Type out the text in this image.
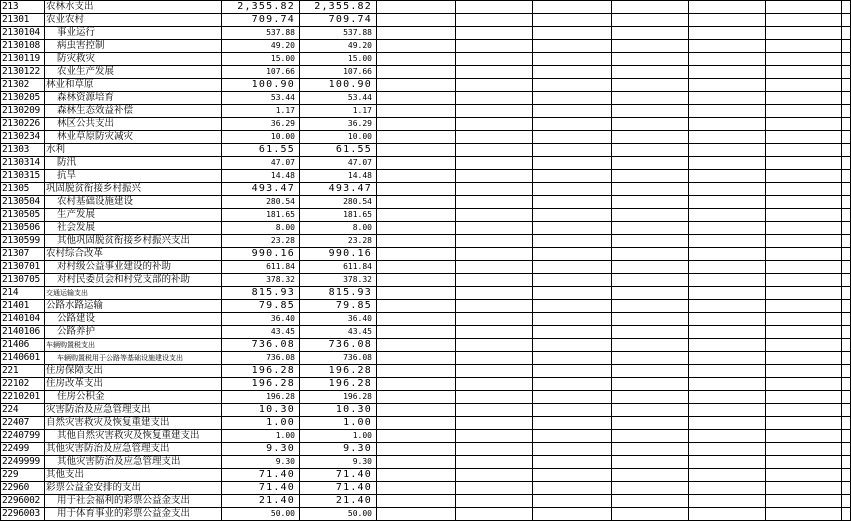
213	农林水支出	2,355.82	2,355.82							
21301	农业农村	709.74	709.74							
2130104	事业运行	537.88	537.88							
2130108	病虫害控制	49.20	49.20							
2130119	防灾救灾	15.00	15.00							
2130122	农业生产发展	107.66	107.66							
21302	林业和草原	100.90	100.90							
2130205	森林资源培育	53.44	53.44							
2130209	森林生态效益补偿	1.17	1.17							
2130226	林区公共支出	36.29	36.29							
2130234	林业草原防灾减灾	10.00	10.00							
21303	水利	61.55	61.55							
2130314	防汛	47.07	47.07							
2130315	抗旱	14.48	14.48							
21305	巩固脱贫衔接乡村振兴	493.47	493.47							
2130504	农村基础设施建设	280.54	280.54							
2130505	生产发展	181.65	181.65							
2130506	社会发展	8.00	8.00							
2130599	其他巩固脱贫衔接乡村振兴支出	23.28	23.28							
21307	农村综合改革	990.16	990.16							
2130701	对村级公益事业建设的补助	611.84	611.84							
2130705	对村民委员会和村党支部的补助	378.32	378.32							
214	交通运输支出	815.93	815.93							
21401	公路水路运输	79.85	79.85							
2140104	公路建设	36.40	36.40							
2140106	公路养护	43.45	43.45							
21406	车辆购置税支出	736.08	736.08							
2140601	车辆购置税用于公路等基础设施建设支出	736.08	736.08							
221	住房保障支出	196.28	196.28							
22102	住房改革支出	196.28	196.28							
2210201	住房公积金	196.28	196.28							
224	灾害防治及应急管理支出	10.30	10.30							
22407	自然灾害救灾及恢复重建支出	1.00	1.00							
2240799	其他自然灾害救灾及恢复重建支出	1.00	1.00							
22499	其他灾害防治及应急管理支出	9.30	9.30							
2249999	其他灾害防治及应急管理支出	9.30	9.30							
229	其他支出	71.40	71.40							
22960	彩票公益金安排的支出	71.40	71.40							
2296002	用于社会福利的彩票公益金支出	21.40	21.40							
2296003	用于体育事业的彩票公益金支出	50.00	50.00							
